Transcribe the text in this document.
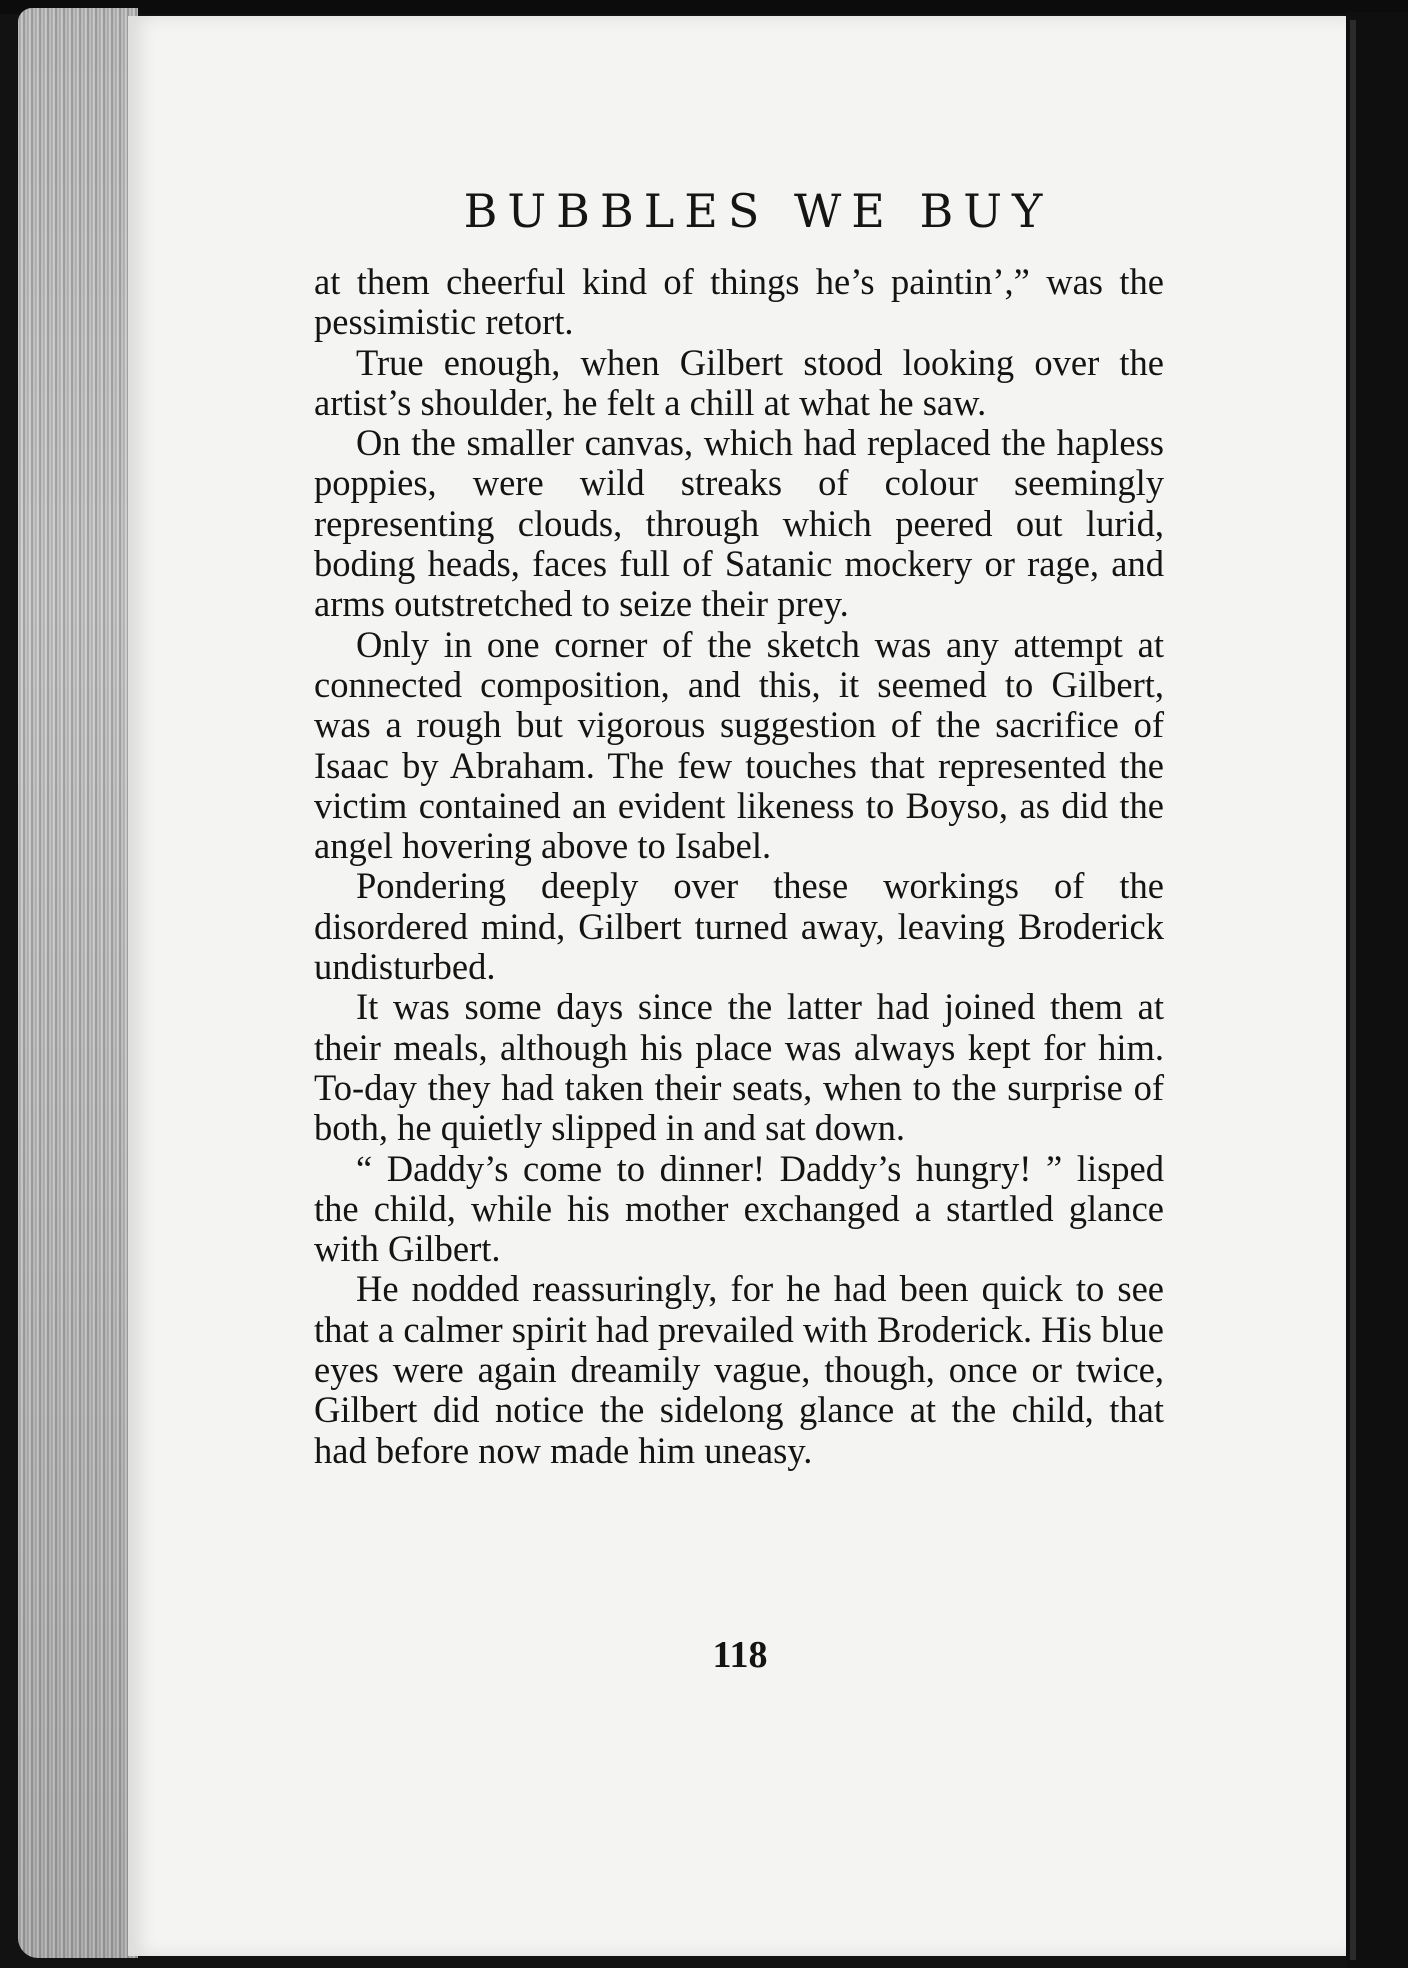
BUBBLES WE BUY

at them cheerful kind of things he’s paintin’,” was the pessimistic retort.

True enough, when Gilbert stood looking over the artist’s shoulder, he felt a chill at what he saw.

On the smaller canvas, which had replaced the hapless poppies, were wild streaks of colour seemingly representing clouds, through which peered out lurid, boding heads, faces full of Satanic mockery or rage, and arms outstretched to seize their prey.

Only in one corner of the sketch was any attempt at connected composition, and this, it seemed to Gilbert, was a rough but vigorous suggestion of the sacrifice of Isaac by Abraham. The few touches that represented the victim contained an evident likeness to Boyso, as did the angel hovering above to Isabel.

Pondering deeply over these workings of the disordered mind, Gilbert turned away, leaving Broderick undisturbed.

It was some days since the latter had joined them at their meals, although his place was always kept for him. To-day they had taken their seats, when to the surprise of both, he quietly slipped in and sat down.

“ Daddy’s come to dinner! Daddy’s hungry! ” lisped the child, while his mother exchanged a startled glance with Gilbert.

He nodded reassuringly, for he had been quick to see that a calmer spirit had prevailed with Broderick. His blue eyes were again dreamily vague, though, once or twice, Gilbert did notice the sidelong glance at the child, that had before now made him uneasy.

118
